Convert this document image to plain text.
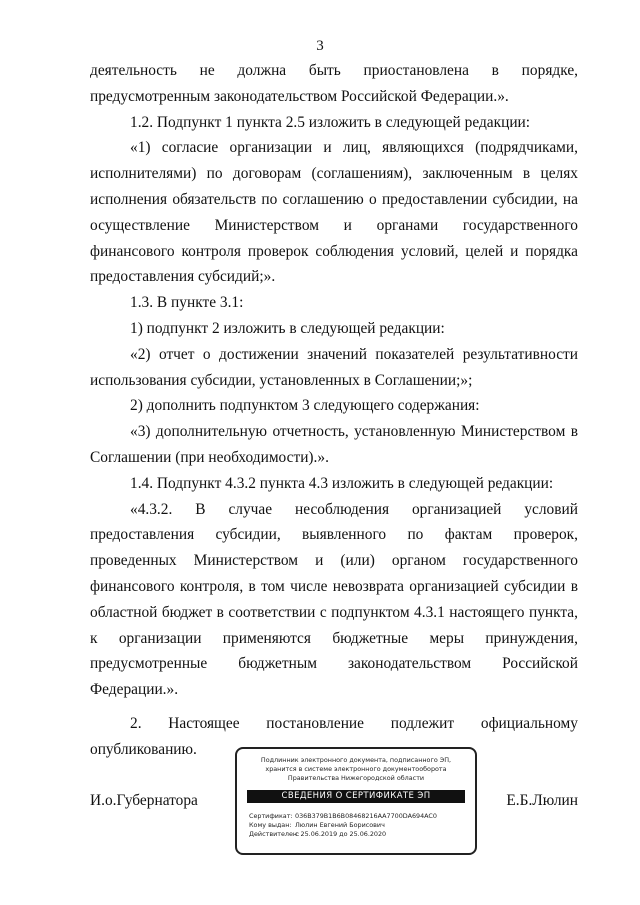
3

деятельность не должна быть приостановлена в порядке, предусмотренным законодательством Российской Федерации.».

1.2. Подпункт 1 пункта 2.5 изложить в следующей редакции:

«1) согласие организации и лиц, являющихся (подрядчиками, исполнителями) по договорам (соглашениям), заключенным в целях исполнения обязательств по соглашению о предоставлении субсидии, на осуществление Министерством и органами государственного финансового контроля проверок соблюдения условий, целей и порядка предоставления субсидий;».

1.3. В пункте 3.1:

1) подпункт 2 изложить в следующей редакции:

«2) отчет о достижении значений показателей результативности использования субсидии, установленных в Соглашении;»;

2) дополнить подпунктом 3 следующего содержания:

«3) дополнительную отчетность, установленную Министерством в Соглашении (при необходимости).».

1.4. Подпункт 4.3.2 пункта 4.3 изложить в следующей редакции:

«4.3.2. В случае несоблюдения организацией условий предоставления субсидии, выявленного по фактам проверок, проведенных Министерством и (или) органом государственного финансового контроля, в том числе невозврата организацией субсидии в областной бюджет в соответствии с подпунктом 4.3.1 настоящего пункта, к организации применяются бюджетные меры принуждения, предусмотренные бюджетным законодательством Российской Федерации.».

2. Настоящее постановление подлежит официальному опубликованию.

И.о.Губернатора	Е.Б.Люлин
Подлинник электронного документа, подписанного ЭП,
хранится в системе электронного документооборота
Правительства Нижегородской области
СВЕДЕНИЯ О СЕРТИФИКАТЕ ЭП
Сертификат: 036B379B1B6B08468216AA7700DA694AC0
Кому выдан: Люлин Евгений Борисович
Действителен:с 25.06.2019 до 25.06.2020
